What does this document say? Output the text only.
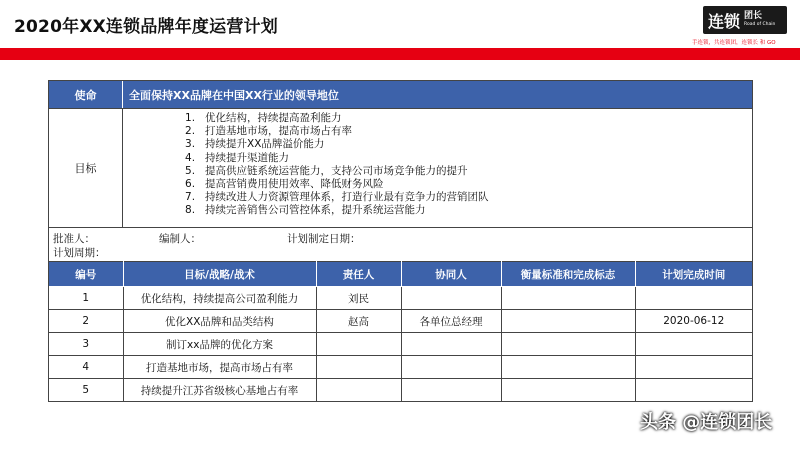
2020年XX连锁品牌年度运营计划	连锁 团长
Road of Chain
手连锁，共连锁团，连锁长 和 GO
使命	全面保持XX品牌在中国XX行业的领导地位
目标
优化结构，持续提高盈利能力
打造基地市场，提高市场占有率
持续提升XX品牌溢价能力
持续提升渠道能力
提高供应链系统运营能力，支持公司市场竞争能力的提升
提高营销费用使用效率、降低财务风险
持续改进人力资源管理体系，打造行业最有竞争力的营销团队
持续完善销售公司管控体系，提升系统运营能力
批准人：	编制人：	计划制定日期：
计划周期：
编号	目标/战略/战术	责任人	协同人	衡量标准和完成标志	计划完成时间
1	优化结构，持续提高公司盈利能力	刘民			
2	优化XX品牌和品类结构	赵高	各单位总经理		2020-06-12
3	制订xx品牌的优化方案				
4	打造基地市场，提高市场占有率				
5	持续提升江苏省级核心基地占有率				
头条 @连锁团长
